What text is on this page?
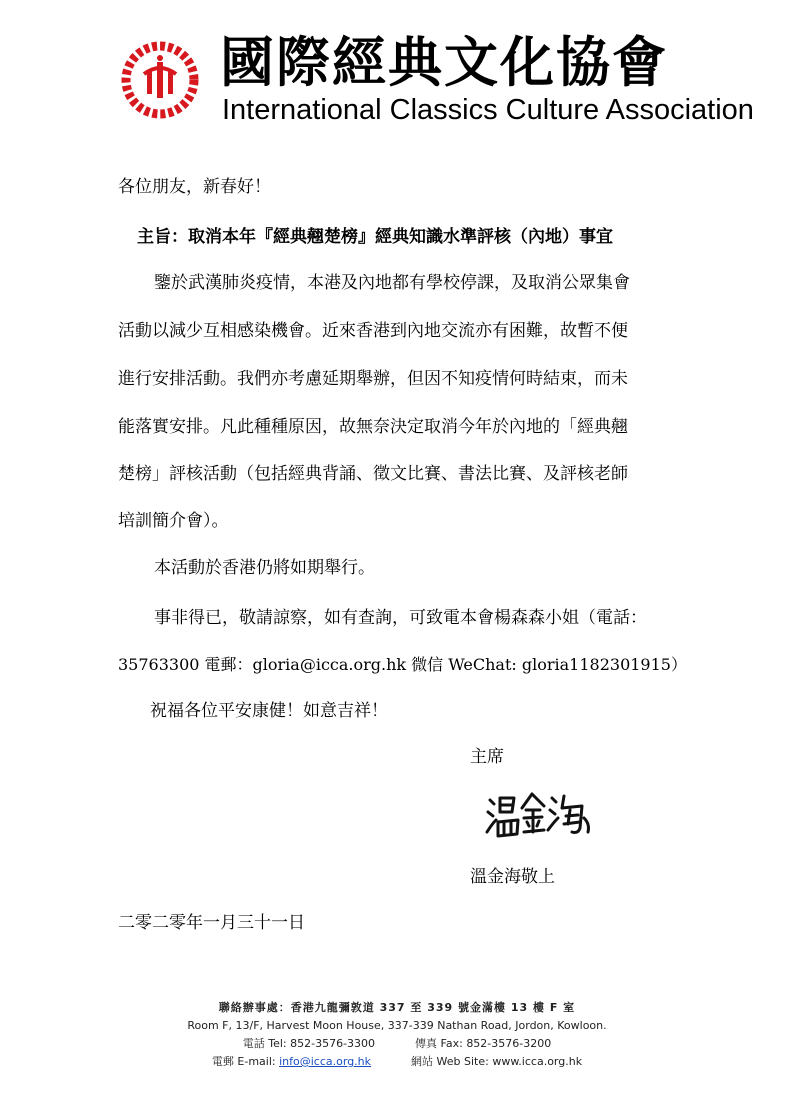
國際經典文化協會
International Classics Culture Association
各位朋友，新春好！
主旨：取消本年『經典翹楚榜』經典知識水準評核（內地）事宜
鑒於武漢肺炎疫情，本港及內地都有學校停課，及取消公眾集會
活動以減少互相感染機會。近來香港到內地交流亦有困難，故暫不便
進行安排活動。我們亦考慮延期舉辦，但因不知疫情何時結束，而未
能落實安排。凡此種種原因，故無奈決定取消今年於內地的「經典翹
楚榜」評核活動（包括經典背誦、徵文比賽、書法比賽、及評核老師
培訓簡介會）。
本活動於香港仍將如期舉行。
事非得已，敬請諒察，如有查詢，可致電本會楊森森小姐（電話：
35763300 電郵：gloria@icca.org.hk 微信 WeChat: gloria1182301915）
祝福各位平安康健！如意吉祥！
主席
溫金海敬上
二零二零年一月三十一日
聯絡辦事處：香港九龍彌敦道 337 至 339 號金滿樓 13 樓 F 室
Room F, 13/F, Harvest Moon House, 337-339 Nathan Road, Jordon, Kowloon.
電話 Tel: 852-3576-3300	傳真 Fax: 852-3576-3200
電郵 E-mail: info@icca.org.hk	網站 Web Site: www.icca.org.hk
